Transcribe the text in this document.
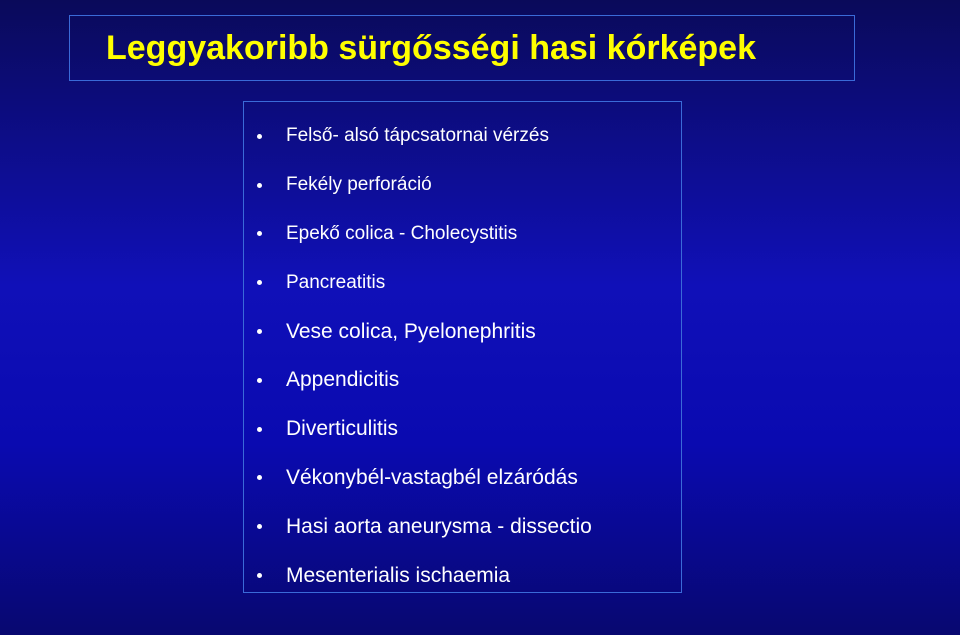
Leggyakoribb sürgősségi hasi kórképek
Felső- alsó tápcsatornai vérzés
Fekély perforáció
Epekő colica - Cholecystitis
Pancreatitis
Vese colica, Pyelonephritis
Appendicitis
Diverticulitis
Vékonybél-vastagbél elzáródás
Hasi aorta aneurysma - dissectio
Mesenterialis ischaemia
